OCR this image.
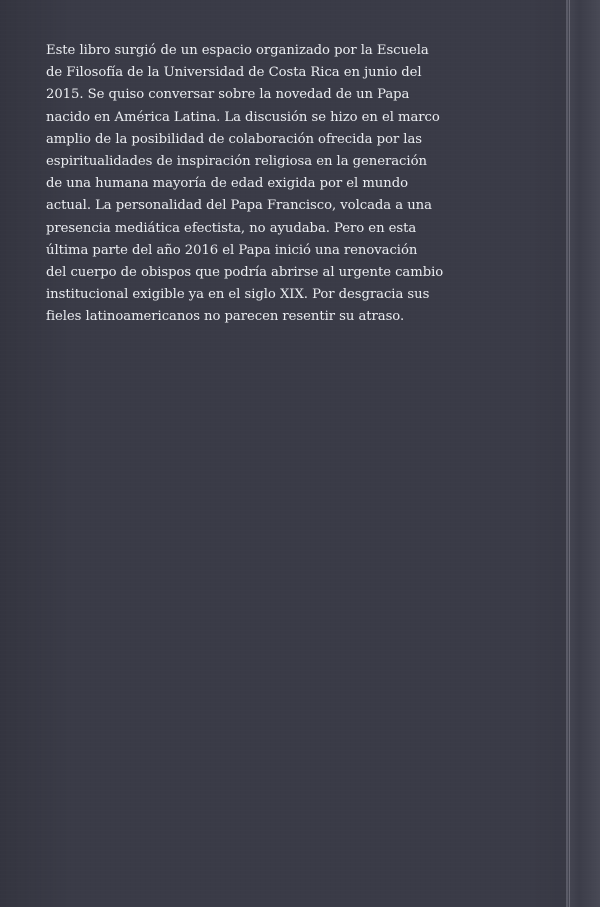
Este libro surgió de un espacio organizado por la Escuela
de Filosofía de la Universidad de Costa Rica en junio del
2015. Se quiso conversar sobre la novedad de un Papa
nacido en América Latina. La discusión se hizo en el marco
amplio de la posibilidad de colaboración ofrecida por las
espiritualidades de inspiración religiosa en la generación
de una humana mayoría de edad exigida por el mundo
actual. La personalidad del Papa Francisco, volcada a una
presencia mediática efectista, no ayudaba. Pero en esta
última parte del año 2016 el Papa inició una renovación
del cuerpo de obispos que podría abrirse al urgente cambio
institucional exigible ya en el siglo XIX. Por desgracia sus
fieles latinoamericanos no parecen resentir su atraso.
